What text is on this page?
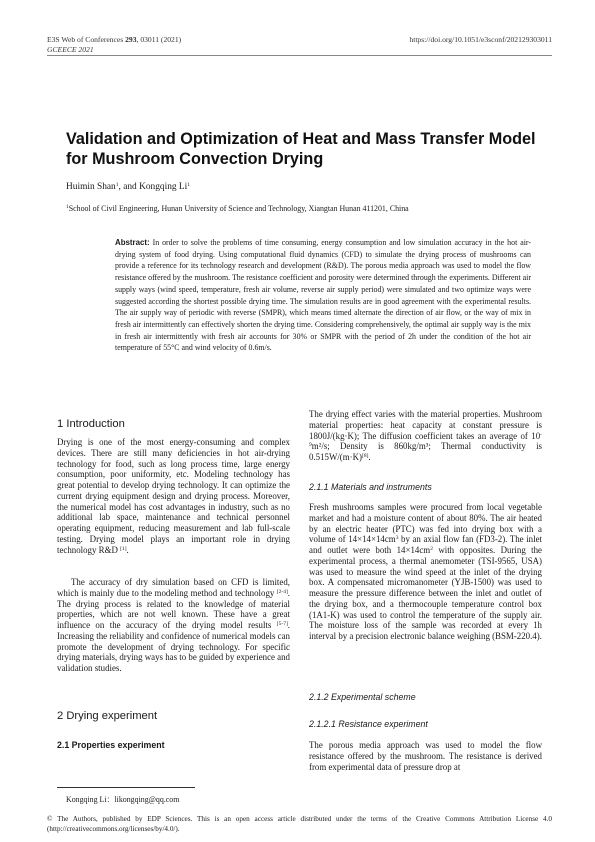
E3S Web of Conferences 293, 03011 (2021)
GCEECE 2021
https://doi.org/10.1051/e3sconf/202129303011
Validation and Optimization of Heat and Mass Transfer Model for Mushroom Convection Drying
Huimin Shan$^1$, and Kongqing Li$^1$
$^1$School of Civil Engineering, Hunan University of Science and Technology, Xiangtan Hunan 411201, China
Abstract: In order to solve the problems of time consuming, energy consumption and low simulation accuracy in the hot air-drying system of food drying. Using computational fluid dynamics (CFD) to simulate the drying process of mushrooms can provide a reference for its technology research and development (R&D). The porous media approach was used to model the flow resistance offered by the mushroom. The resistance coefficient and porosity were determined through the experiments. Different air supply ways (wind speed, temperature, fresh air volume, reverse air supply period) were simulated and two optimize ways were suggested according the shortest possible drying time. The simulation results are in good agreement with the experimental results. The air supply way of periodic with reverse (SMPR), which means timed alternate the direction of air flow, or the way of mix in fresh air intermittently can effectively shorten the drying time. Considering comprehensively, the optimal air supply way is the mix in fresh air intermittently with fresh air accounts for 30% or SMPR with the period of 2h under the condition of the hot air temperature of 55°C and wind velocity of 0.6m/s.
1 Introduction
Drying is one of the most energy-consuming and complex devices. There are still many deficiencies in hot air-drying technology for food, such as long process time, large energy consumption, poor uniformity, etc. Modeling technology has great potential to develop drying technology. It can optimize the current drying equipment design and drying process. Moreover, the numerical model has cost advantages in industry, such as no additional lab space, maintenance and technical personnel operating equipment, reducing measurement and lab full-scale testing. Drying model plays an important role in drying technology R&D [1].
The accuracy of dry simulation based on CFD is limited, which is mainly due to the modeling method and technology [2-4]. The drying process is related to the knowledge of material properties, which are not well known. These have a great influence on the accuracy of the drying model results [5-7]. Increasing the reliability and confidence of numerical models can promote the development of drying technology. For specific drying materials, drying ways has to be guided by experience and validation studies.
2 Drying experiment
2.1 Properties experiment
The drying effect varies with the material properties. Mushroom material properties: heat capacity at constant pressure is 1800J/(kg·K); The diffusion coefficient takes an average of $10^{-9}m^2/s$; Density is 860kg/m³; Thermal conductivity is 0.515W/(m·K)[8].
2.1.1 Materials and instruments
Fresh mushrooms samples were procured from local vegetable market and had a moisture content of about 80%. The air heated by an electric heater (PTC) was fed into drying box with a volume of $14\times 14\times 14cm^3$ by an axial flow fan (FD3-2). The inlet and outlet were both $14\times 14cm^2$ with opposites. During the experimental process, a thermal anemometer (TSI-9565, USA) was used to measure the wind speed at the inlet of the drying box. A compensated micromanometer (YJB-1500) was used to measure the pressure difference between the inlet and outlet of the drying box, and a thermocouple temperature control box (1A1-K) was used to control the temperature of the supply air. The moisture loss of the sample was recorded at every 1h interval by a precision electronic balance weighing (BSM-220.4).
2.1.2 Experimental scheme
2.1.2.1 Resistance experiment
The porous media approach was used to model the flow resistance offered by the mushroom. The resistance is derived from experimental data of pressure drop at
Kongqing Li：likongqing@qq.com
© The Authors, published by EDP Sciences. This is an open access article distributed under the terms of the Creative Commons Attribution License 4.0 (http://creativecommons.org/licenses/by/4.0/).
